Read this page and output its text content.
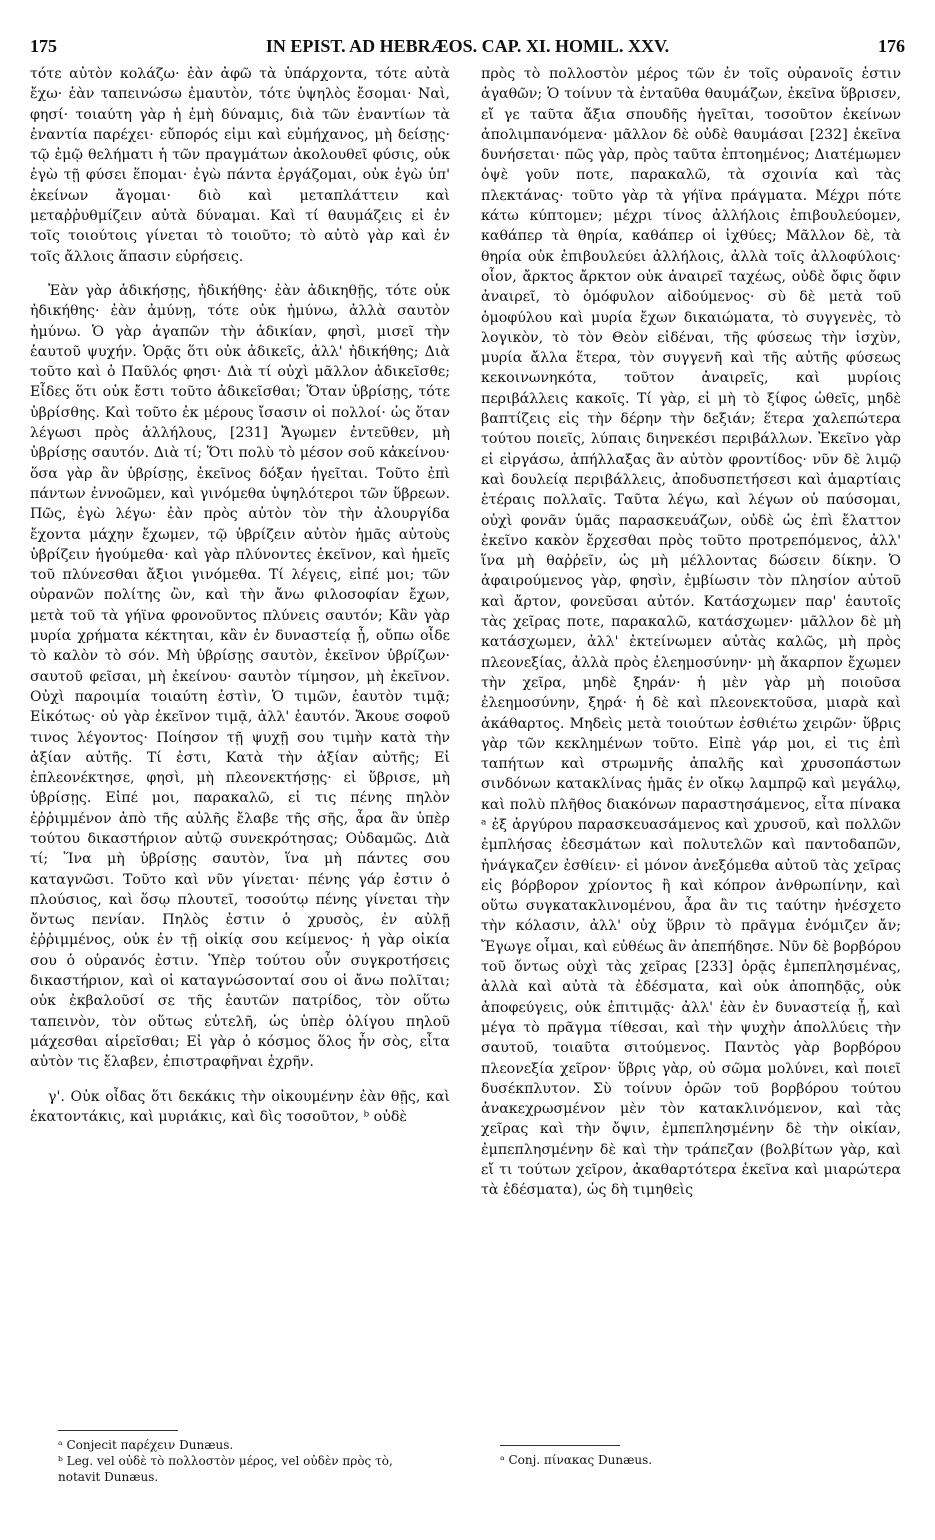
175	IN EPIST. AD HEBRÆOS. CAP. XI. HOMIL. XXV.	176

τότε αὐτὸν κολάζω· ἐὰν ἀφῶ τὰ ὑπάρχοντα, τότε αὐτὰ ἔχω· ἐὰν ταπεινώσω ἐμαυτὸν, τότε ὑψηλὸς ἔσομαι· Ναὶ, φησί· τοιαύτη γὰρ ἡ ἐμὴ δύναμις, διὰ τῶν ἐναντίων τὰ ἐναντία παρέχει· εὔπορός εἰμι καὶ εὐμήχανος, μὴ δείσῃς· τῷ ἐμῷ θελήματι ἡ τῶν πραγμάτων ἀκολουθεῖ φύσις, οὐκ ἐγὼ τῇ φύσει ἕπομαι· ἐγὼ πάντα ἐργάζομαι, οὐκ ἐγὼ ὑπ' ἐκείνων ἄγομαι· διὸ καὶ μεταπλάττειν καὶ μεταῤῥυθμίζειν αὐτὰ δύναμαι. Καὶ τί θαυμάζεις εἰ ἐν τοῖς τοιούτοις γίνεται τὸ τοιοῦτο; τὸ αὐτὸ γὰρ καὶ ἐν τοῖς ἄλλοις ἅπασιν εὑρήσεις.

Ἐὰν γὰρ ἀδικήσῃς, ἠδικήθης· ἐὰν ἀδικηθῇς, τότε οὐκ ἠδικήθης· ἐὰν ἀμύνῃ, τότε οὐκ ἠμύνω, ἀλλὰ σαυτὸν ἠμύνω. Ὁ γὰρ ἀγαπῶν τὴν ἀδικίαν, φησὶ, μισεῖ τὴν ἑαυτοῦ ψυχήν. Ὁρᾷς ὅτι οὐκ ἀδικεῖς, ἀλλ' ἠδικήθης; Διὰ τοῦτο καὶ ὁ Παῦλός φησι· Διὰ τί οὐχὶ μᾶλλον ἀδικεῖσθε; Εἶδες ὅτι οὐκ ἔστι τοῦτο ἀδικεῖσθαι; Ὅταν ὑβρίσῃς, τότε ὑβρίσθης. Καὶ τοῦτο ἐκ μέρους ἴσασιν οἱ πολλοί· ὡς ὅταν λέγωσι πρὸς ἀλλήλους, [231] Ἄγωμεν ἐντεῦθεν, μὴ ὑβρίσῃς σαυτόν. Διὰ τί; Ὅτι πολὺ τὸ μέσον σοῦ κἀκείνου· ὅσα γὰρ ἂν ὑβρίσῃς, ἐκεῖνος δόξαν ἡγεῖται. Τοῦτο ἐπὶ πάντων ἐννοῶμεν, καὶ γινόμεθα ὑψηλότεροι τῶν ὕβρεων. Πῶς, ἐγὼ λέγω· ἐὰν πρὸς αὐτὸν τὸν τὴν ἀλουργίδα ἔχοντα μάχην ἔχωμεν, τῷ ὑβρίζειν αὐτὸν ἡμᾶς αὐτοὺς ὑβρίζειν ἡγούμεθα· καὶ γὰρ πλύνοντες ἐκεῖνον, καὶ ἡμεῖς τοῦ πλύνεσθαι ἄξιοι γινόμεθα. Τί λέγεις, εἰπέ μοι; τῶν οὐρανῶν πολίτης ὢν, καὶ τὴν ἄνω φιλοσοφίαν ἔχων, μετὰ τοῦ τὰ γήϊνα φρονοῦντος πλύνεις σαυτόν; Κἂν γὰρ μυρία χρήματα κέκτηται, κἂν ἐν δυναστείᾳ ᾖ, οὔπω οἶδε τὸ καλὸν τὸ σόν. Μὴ ὑβρίσῃς σαυτὸν, ἐκεῖνον ὑβρίζων· σαυτοῦ φεῖσαι, μὴ ἐκείνου· σαυτὸν τίμησον, μὴ ἐκεῖνον. Οὐχὶ παροιμία τοιαύτη ἐστὶν, Ὁ τιμῶν, ἑαυτὸν τιμᾷ; Εἰκότως· οὐ γὰρ ἐκεῖνον τιμᾷ, ἀλλ' ἑαυτόν. Ἄκουε σοφοῦ τινος λέγοντος· Ποίησον τῇ ψυχῇ σου τιμὴν κατὰ τὴν ἀξίαν αὐτῆς. Τί ἐστι, Κατὰ τὴν ἀξίαν αὐτῆς; Εἰ ἐπλεονέκτησε, φησὶ, μὴ πλεονεκτήσῃς· εἰ ὕβρισε, μὴ ὑβρίσῃς. Εἰπέ μοι, παρακαλῶ, εἰ τις πένης πηλὸν ἐῤῥιμμένον ἀπὸ τῆς αὐλῆς ἔλαβε τῆς σῆς, ἆρα ἂν ὑπὲρ τούτου δικαστήριον αὐτῷ συνεκρότησας; Οὐδαμῶς. Διὰ τί; Ἵνα μὴ ὑβρίσῃς σαυτὸν, ἵνα μὴ πάντες σου καταγνῶσι. Τοῦτο καὶ νῦν γίνεται· πένης γάρ ἐστιν ὁ πλούσιος, καὶ ὅσῳ πλουτεῖ, τοσούτῳ πένης γίνεται τὴν ὄντως πενίαν. Πηλὸς ἐστιν ὁ χρυσὸς, ἐν αὐλῇ ἐῤῥιμμένος, οὐκ ἐν τῇ οἰκίᾳ σου κείμενος· ἡ γὰρ οἰκία σου ὁ οὐρανός ἐστιν. Ὑπὲρ τούτου οὖν συγκροτήσεις δικαστήριον, καὶ οἱ καταγνώσονταί σου οἱ ἄνω πολῖται; οὐκ ἐκβαλοῦσί σε τῆς ἑαυτῶν πατρίδος, τὸν οὕτω ταπεινὸν, τὸν οὕτως εὐτελῆ, ὡς ὑπὲρ ὀλίγου πηλοῦ μάχεσθαι αἱρεῖσθαι; Εἰ γὰρ ὁ κόσμος ὅλος ἦν σὸς, εἶτα αὐτὸν τις ἔλαβεν, ἐπιστραφῆναι ἐχρῆν.

γ'. Οὐκ οἶδας ὅτι δεκάκις τὴν οἰκουμένην ἐὰν θῇς, καὶ ἑκατοντάκις, καὶ μυριάκις, καὶ δὶς τοσοῦτον, ᵇ οὐδὲ

πρὸς τὸ πολλοστὸν μέρος τῶν ἐν τοῖς οὐρανοῖς ἐστιν ἀγαθῶν; Ὁ τοίνυν τὰ ἐνταῦθα θαυμάζων, ἐκεῖνα ὕβρισεν, εἴ γε ταῦτα ἄξια σπουδῆς ἡγεῖται, τοσοῦτον ἐκείνων ἀπολιμπανόμενα· μᾶλλον δὲ οὐδὲ θαυμάσαι [232] ἐκεῖνα δυνήσεται· πῶς γὰρ, πρὸς ταῦτα ἐπτοημένος; Διατέμωμεν ὀψὲ γοῦν ποτε, παρακαλῶ, τὰ σχοινία καὶ τὰς πλεκτάνας· τοῦτο γὰρ τὰ γήϊνα πράγματα. Μέχρι πότε κάτω κύπτομεν; μέχρι τίνος ἀλλήλοις ἐπιβουλεύομεν, καθάπερ τὰ θηρία, καθάπερ οἱ ἰχθύες; Μᾶλλον δὲ, τὰ θηρία οὐκ ἐπιβουλεύει ἀλλήλοις, ἀλλὰ τοῖς ἀλλοφύλοις· οἷον, ἄρκτος ἄρκτον οὐκ ἀναιρεῖ ταχέως, οὐδὲ ὄφις ὄφιν ἀναιρεῖ, τὸ ὁμόφυλον αἰδούμενος· σὺ δὲ μετὰ τοῦ ὁμοφύλου καὶ μυρία ἔχων δικαιώματα, τὸ συγγενὲς, τὸ λογικὸν, τὸ τὸν Θεὸν εἰδέναι, τῆς φύσεως τὴν ἰσχὺν, μυρία ἄλλα ἕτερα, τὸν συγγενῆ καὶ τῆς αὐτῆς φύσεως κεκοινωνηκότα, τοῦτον ἀναιρεῖς, καὶ μυρίοις περιβάλλεις κακοῖς. Τί γὰρ, εἰ μὴ τὸ ξίφος ὠθεῖς, μηδὲ βαπτίζεις εἰς τὴν δέρην τὴν δεξιάν; ἕτερα χαλεπώτερα τούτου ποιεῖς, λύπαις διηνεκέσι περιβάλλων. Ἐκεῖνο γὰρ εἰ εἰργάσω, ἀπήλλαξας ἂν αὐτὸν φροντίδος· νῦν δὲ λιμῷ καὶ δουλείᾳ περιβάλλεις, ἀποδυσπετήσεσι καὶ ἁμαρτίαις ἑτέραις πολλαῖς. Ταῦτα λέγω, καὶ λέγων οὐ παύσομαι, οὐχὶ φονᾶν ὑμᾶς παρασκευάζων, οὐδὲ ὡς ἐπὶ ἔλαττον ἐκεῖνο κακὸν ἔρχεσθαι πρὸς τοῦτο προτρεπόμενος, ἀλλ' ἵνα μὴ θαῤῥεῖν, ὡς μὴ μέλλοντας δώσειν δίκην. Ὁ ἀφαιρούμενος γὰρ, φησὶν, ἐμβίωσιν τὸν πλησίον αὐτοῦ καὶ ἄρτον, φονεῦσαι αὐτόν. Κατάσχωμεν παρ' ἑαυτοῖς τὰς χεῖρας ποτε, παρακαλῶ, κατάσχωμεν· μᾶλλον δὲ μὴ κατάσχωμεν, ἀλλ' ἐκτείνωμεν αὐτὰς καλῶς, μὴ πρὸς πλεονεξίας, ἀλλὰ πρὸς ἐλεημοσύνην· μὴ ἄκαρπον ἔχωμεν τὴν χεῖρα, μηδὲ ξηράν· ἡ μὲν γὰρ μὴ ποιοῦσα ἐλεημοσύνην, ξηρά· ἡ δὲ καὶ πλεονεκτοῦσα, μιαρὰ καὶ ἀκάθαρτος. Μηδεὶς μετὰ τοιούτων ἐσθιέτω χειρῶν· ὕβρις γὰρ τῶν κεκλημένων τοῦτο. Εἰπὲ γάρ μοι, εἰ τις ἐπὶ ταπήτων καὶ στρωμνῆς ἁπαλῆς καὶ χρυσοπάστων σινδόνων κατακλίνας ἡμᾶς ἐν οἴκῳ λαμπρῷ καὶ μεγάλῳ, καὶ πολὺ πλῆθος διακόνων παραστησάμενος, εἶτα πίνακα ᵃ ἐξ ἀργύρου παρασκευασάμενος καὶ χρυσοῦ, καὶ πολλῶν ἐμπλήσας ἐδεσμάτων καὶ πολυτελῶν καὶ παντοδαπῶν, ἠνάγκαζεν ἐσθίειν· εἰ μόνον ἀνεξόμεθα αὐτοῦ τὰς χεῖρας εἰς βόρβορον χρίοντος ἢ καὶ κόπρον ἀνθρωπίνην, καὶ οὕτω συγκατακλινομένου, ἆρα ἂν τις ταύτην ἠνέσχετο τὴν κόλασιν, ἀλλ' οὐχ ὕβριν τὸ πρᾶγμα ἐνόμιζεν ἄν; Ἔγωγε οἶμαι, καὶ εὐθέως ἂν ἀπεπήδησε. Νῦν δὲ βορβόρου τοῦ ὄντως οὐχὶ τὰς χεῖρας [233] ὁρᾷς ἐμπεπλησμένας, ἀλλὰ καὶ αὐτὰ τὰ ἐδέσματα, καὶ οὐκ ἀποπηδᾷς, οὐκ ἀποφεύγεις, οὐκ ἐπιτιμᾷς· ἀλλ' ἐὰν ἐν δυναστείᾳ ᾖ, καὶ μέγα τὸ πρᾶγμα τίθεσαι, καὶ τὴν ψυχὴν ἀπολλύεις τὴν σαυτοῦ, τοιαῦτα σιτούμενος. Παντὸς γὰρ βορβόρου πλεονεξία χεῖρον· ὕβρις γὰρ, οὐ σῶμα μολύνει, καὶ ποιεῖ δυσέκπλυτον. Σὺ τοίνυν ὁρῶν τοῦ βορβόρου τούτου ἀνακεχρωσμένον μὲν τὸν κατακλινόμενον, καὶ τὰς χεῖρας καὶ τὴν ὄψιν, ἐμπεπλησμένην δὲ τὴν οἰκίαν, ἐμπεπλησμένην δὲ καὶ τὴν τράπεζαν (βολβίτων γὰρ, καὶ εἴ τι τούτων χεῖρον, ἀκαθαρτότερα ἐκεῖνα καὶ μιαρώτερα τὰ ἐδέσματα), ὡς δὴ τιμηθεὶς

ᵃ Conjecit παρέχειν Dunæus.
ᵇ Leg. vel οὐδὲ τὸ πολλοστὸν μέρος, vel οὐδὲν πρὸς τὸ, notavit Dunæus.
ᵃ Conj. πίνακας Dunæus.
